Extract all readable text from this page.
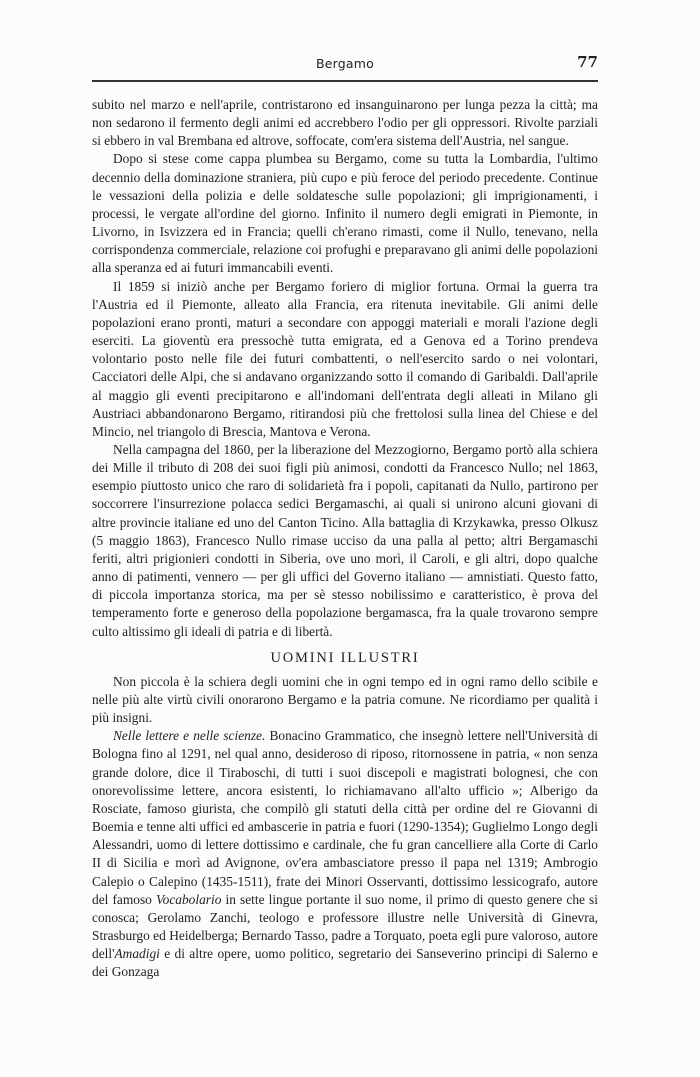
Bergamo	77

subito nel marzo e nell'aprile, contristarono ed insanguinarono per lunga pezza la città; ma non sedarono il fermento degli animi ed accrebbero l'odio per gli oppressori. Rivolte parziali si ebbero in val Brembana ed altrove, soffocate, com'era sistema dell'Austria, nel sangue.

Dopo si stese come cappa plumbea su Bergamo, come su tutta la Lombardia, l'ultimo decennio della dominazione straniera, più cupo e più feroce del periodo precedente. Continue le vessazioni della polizia e delle soldatesche sulle popolazioni; gli imprigionamenti, i processi, le vergate all'ordine del giorno. Infinito il numero degli emigrati in Piemonte, in Livorno, in Isvizzera ed in Francia; quelli ch'erano rimasti, come il Nullo, tenevano, nella corrispondenza commerciale, relazione coi profughi e preparavano gli animi delle popolazioni alla speranza ed ai futuri immancabili eventi.

Il 1859 si iniziò anche per Bergamo foriero di miglior fortuna. Ormai la guerra tra l'Austria ed il Piemonte, alleato alla Francia, era ritenuta inevitabile. Gli animi delle popolazioni erano pronti, maturi a secondare con appoggi materiali e morali l'azione degli eserciti. La gioventù era pressochè tutta emigrata, ed a Genova ed a Torino prendeva volontario posto nelle file dei futuri combattenti, o nell'esercito sardo o nei volontari, Cacciatori delle Alpi, che si andavano organizzando sotto il comando di Garibaldi. Dall'aprile al maggio gli eventi precipitarono e all'indomani dell'entrata degli alleati in Milano gli Austriaci abbandonarono Bergamo, ritirandosi più che frettolosi sulla linea del Chiese e del Mincio, nel triangolo di Brescia, Mantova e Verona.

Nella campagna del 1860, per la liberazione del Mezzogiorno, Bergamo portò alla schiera dei Mille il tributo di 208 dei suoi figli più animosi, condotti da Francesco Nullo; nel 1863, esempio piuttosto unico che raro di solidarietà fra i popoli, capitanati da Nullo, partirono per soccorrere l'insurrezione polacca sedici Bergamaschi, ai quali si unirono alcuni giovani di altre provincie italiane ed uno del Canton Ticino. Alla battaglia di Krzykawka, presso Olkusz (5 maggio 1863), Francesco Nullo rimase ucciso da una palla al petto; altri Bergamaschi feriti, altri prigionieri condotti in Siberia, ove uno morì, il Caroli, e gli altri, dopo qualche anno di patimenti, vennero — per gli uffici del Governo italiano — amnistiati. Questo fatto, di piccola importanza storica, ma per sè stesso nobilissimo e caratteristico, è prova del temperamento forte e generoso della popolazione bergamasca, fra la quale trovarono sempre culto altissimo gli ideali di patria e di libertà.

UOMINI ILLUSTRI

Non piccola è la schiera degli uomini che in ogni tempo ed in ogni ramo dello scibile e nelle più alte virtù civili onorarono Bergamo e la patria comune. Ne ricordiamo per qualità i più insigni.

Nelle lettere e nelle scienze. Bonacino Grammatico, che insegnò lettere nell'Università di Bologna fino al 1291, nel qual anno, desideroso di riposo, ritornossene in patria, « non senza grande dolore, dice il Tiraboschi, di tutti i suoi discepoli e magistrati bolognesi, che con onorevolissime lettere, ancora esistenti, lo richiamavano all'alto ufficio »; Alberigo da Rosciate, famoso giurista, che compilò gli statuti della città per ordine del re Giovanni di Boemia e tenne alti uffici ed ambascerie in patria e fuori (1290-1354); Guglielmo Longo degli Alessandri, uomo di lettere dottissimo e cardinale, che fu gran cancelliere alla Corte di Carlo II di Sicilia e morì ad Avignone, ov'era ambasciatore presso il papa nel 1319; Ambrogio Calepio o Calepino (1435-1511), frate dei Minori Osservanti, dottissimo lessicografo, autore del famoso Vocabolario in sette lingue portante il suo nome, il primo di questo genere che si conosca; Gerolamo Zanchi, teologo e professore illustre nelle Università di Ginevra, Strasburgo ed Heidelberga; Bernardo Tasso, padre a Torquato, poeta egli pure valoroso, autore dell'Amadigi e di altre opere, uomo politico, segretario dei Sanseverino principi di Salerno e dei Gonzaga
